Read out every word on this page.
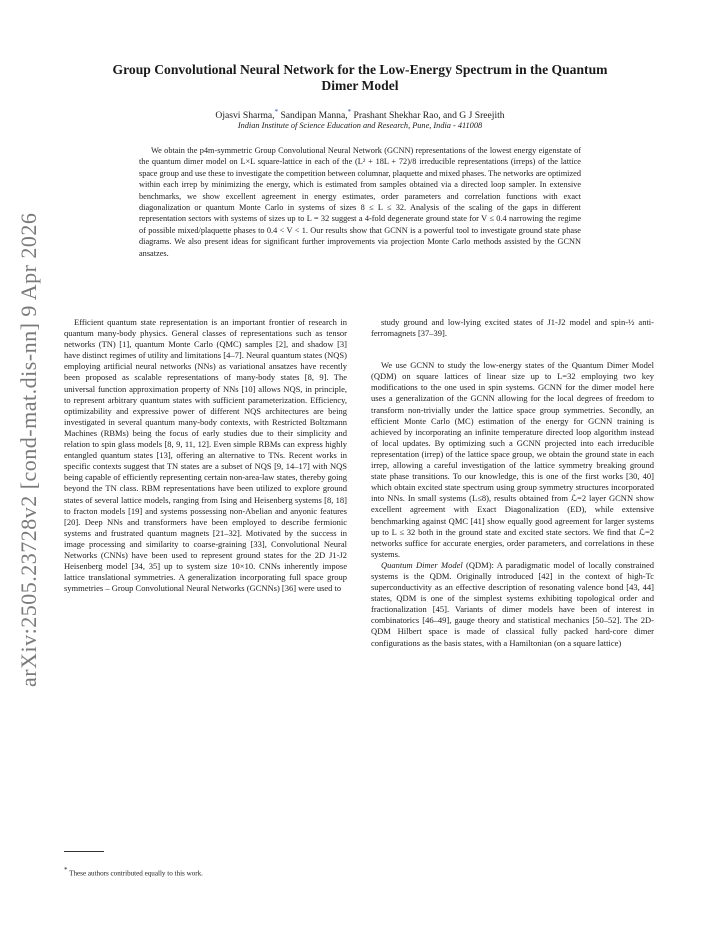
arXiv:2505.23728v2 [cond-mat.dis-nn] 9 Apr 2026
Group Convolutional Neural Network for the Low-Energy Spectrum in the Quantum
Dimer Model
Ojasvi Sharma,* Sandipan Manna,* Prashant Shekhar Rao, and G J Sreejith
Indian Institute of Science Education and Research, Pune, India - 411008

We obtain the p4m-symmetric Group Convolutional Neural Network (GCNN) representations of the lowest energy eigenstate of the quantum dimer model on L×L square-lattice in each of the (L² + 18L + 72)/8 irreducible representations (irreps) of the lattice space group and use these to investigate the competition between columnar, plaquette and mixed phases. The networks are optimized within each irrep by minimizing the energy, which is estimated from samples obtained via a directed loop sampler. In extensive benchmarks, we show excellent agreement in energy estimates, order parameters and correlation functions with exact diagonalization or quantum Monte Carlo in systems of sizes 8 ≤ L ≤ 32. Analysis of the scaling of the gaps in different representation sectors with systems of sizes up to L = 32 suggest a 4-fold degenerate ground state for V ≤ 0.4 narrowing the regime of possible mixed/plaquette phases to 0.4 < V < 1. Our results show that GCNN is a powerful tool to investigate ground state phase diagrams. We also present ideas for significant further improvements via projection Monte Carlo methods assisted by the GCNN ansatzes.

Efficient quantum state representation is an important frontier of research in quantum many-body physics. General classes of representations such as tensor networks (TN) [1], quantum Monte Carlo (QMC) samples [2], and shadow [3] have distinct regimes of utility and limitations [4–7]. Neural quantum states (NQS) employing artificial neural networks (NNs) as variational ansatzes have recently been proposed as scalable representations of many-body states [8, 9]. The universal function approximation property of NNs [10] allows NQS, in principle, to represent arbitrary quantum states with sufficient parameterization. Efficiency, optimizability and expressive power of different NQS architectures are being investigated in several quantum many-body contexts, with Restricted Boltzmann Machines (RBMs) being the focus of early studies due to their simplicity and relation to spin glass models [8, 9, 11, 12]. Even simple RBMs can express highly entangled quantum states [13], offering an alternative to TNs. Recent works in specific contexts suggest that TN states are a subset of NQS [9, 14–17] with NQS being capable of efficiently representing certain non-area-law states, thereby going beyond the TN class. RBM representations have been utilized to explore ground states of several lattice models, ranging from Ising and Heisenberg systems [8, 18] to fracton models [19] and systems possessing non-Abelian and anyonic features [20]. Deep NNs and transformers have been employed to describe fermionic systems and frustrated quantum magnets [21–32]. Motivated by the success in image processing and similarity to coarse-graining [33], Convolutional Neural Networks (CNNs) have been used to represent ground states for the 2D J1-J2 Heisenberg model [34, 35] up to system size 10×10. CNNs inherently impose lattice translational symmetries. A generalization incorporating full space group symmetries – Group Convolutional Neural Networks (GCNNs) [36] were used to

study ground and low-lying excited states of J1-J2 model and spin-½ anti-ferromagnets [37–39].

We use GCNN to study the low-energy states of the Quantum Dimer Model (QDM) on square lattices of linear size up to L=32 employing two key modifications to the one used in spin systems. GCNN for the dimer model here uses a generalization of the GCNN allowing for the local degrees of freedom to transform non-trivially under the lattice space group symmetries. Secondly, an efficient Monte Carlo (MC) estimation of the energy for GCNN training is achieved by incorporating an infinite temperature directed loop algorithm instead of local updates. By optimizing such a GCNN projected into each irreducible representation (irrep) of the lattice space group, we obtain the ground state in each irrep, allowing a careful investigation of the lattice symmetry breaking ground state phase transitions. To our knowledge, this is one of the first works [30, 40] which obtain excited state spectrum using group symmetry structures incorporated into NNs. In small systems (L≤8), results obtained from ℒ=2 layer GCNN show excellent agreement with Exact Diagonalization (ED), while extensive benchmarking against QMC [41] show equally good agreement for larger systems up to L ≤ 32 both in the ground state and excited state sectors. We find that ℒ=2 networks suffice for accurate energies, order parameters, and correlations in these systems.

Quantum Dimer Model (QDM): A paradigmatic model of locally constrained systems is the QDM. Originally introduced [42] in the context of high-Tc superconductivity as an effective description of resonating valence bond [43, 44] states, QDM is one of the simplest systems exhibiting topological order and fractionalization [45]. Variants of dimer models have been of interest in combinatorics [46–49], gauge theory and statistical mechanics [50–52]. The 2D-QDM Hilbert space is made of classical fully packed hard-core dimer configurations as the basis states, with a Hamiltonian (on a square lattice)

* These authors contributed equally to this work.
